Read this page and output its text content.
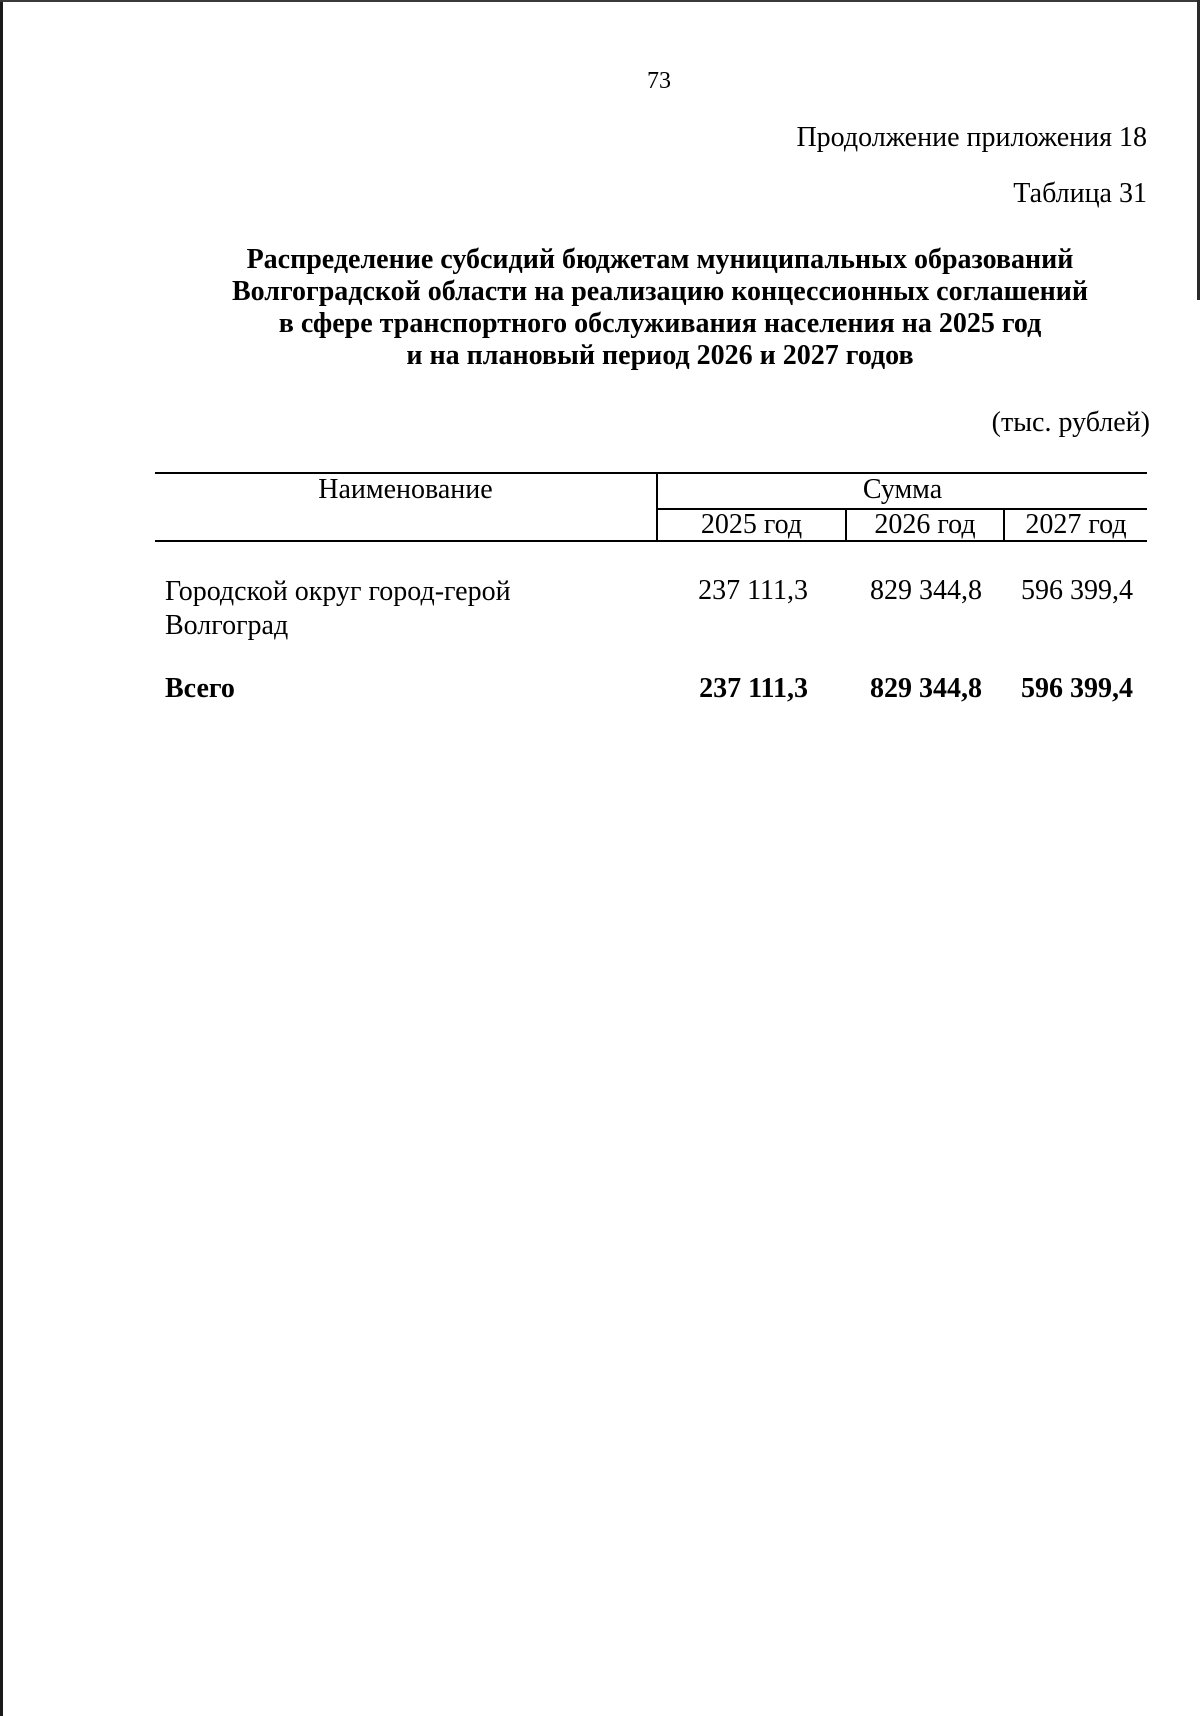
73
Продолжение приложения 18
Таблица 31
Распределение субсидий бюджетам муниципальных образований
Волгоградской области на реализацию концессионных соглашений
в сфере транспортного обслуживания населения на 2025 год
и на плановый период 2026 и 2027 годов
(тыс. рублей)
Наименование	Сумма
2025 год	2026 год	2027 год
Городской округ город-герой
Волгоград
237 111,3	829 344,8	596 399,4
Всего	237 111,3	829 344,8	596 399,4
